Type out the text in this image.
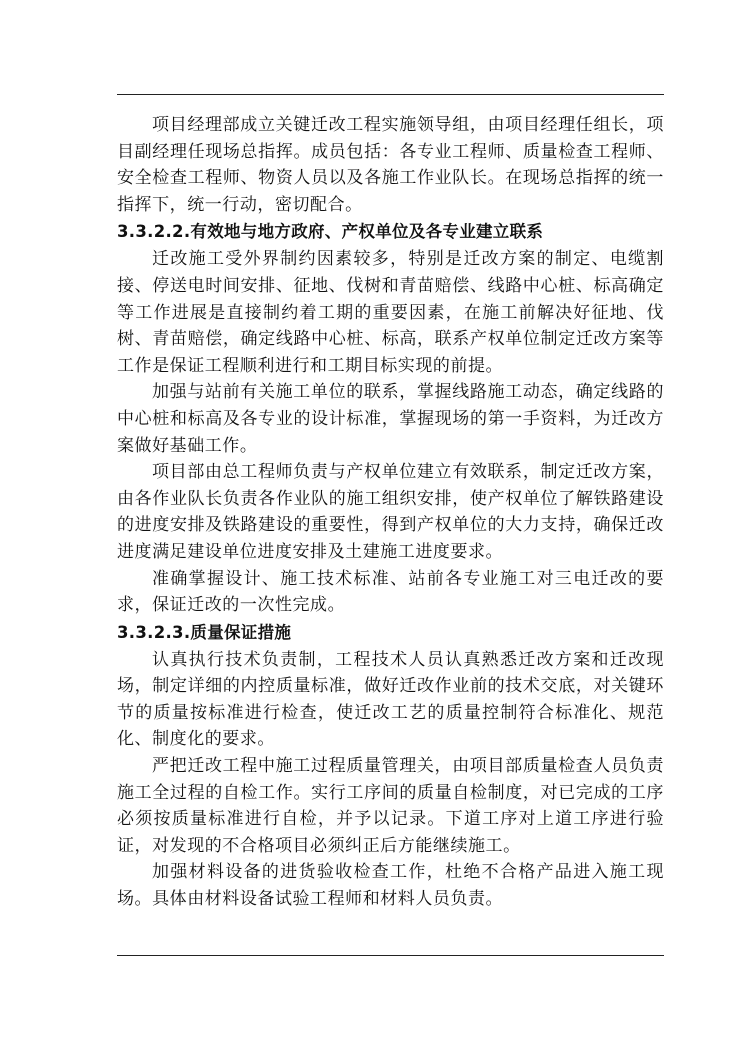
项目经理部成立关键迁改工程实施领导组，由项目经理任组长，项目副经理任现场总指挥。成员包括：各专业工程师、质量检查工程师、安全检查工程师、物资人员以及各施工作业队长。在现场总指挥的统一指挥下，统一行动，密切配合。

3.3.2.2.有效地与地方政府、产权单位及各专业建立联系

迁改施工受外界制约因素较多，特别是迁改方案的制定、电缆割接、停送电时间安排、征地、伐树和青苗赔偿、线路中心桩、标高确定等工作进展是直接制约着工期的重要因素，在施工前解决好征地、伐树、青苗赔偿，确定线路中心桩、标高，联系产权单位制定迁改方案等工作是保证工程顺利进行和工期目标实现的前提。

加强与站前有关施工单位的联系，掌握线路施工动态，确定线路的中心桩和标高及各专业的设计标准，掌握现场的第一手资料，为迁改方案做好基础工作。

项目部由总工程师负责与产权单位建立有效联系，制定迁改方案，由各作业队长负责各作业队的施工组织安排，使产权单位了解铁路建设的进度安排及铁路建设的重要性，得到产权单位的大力支持，确保迁改进度满足建设单位进度安排及土建施工进度要求。

准确掌握设计、施工技术标准、站前各专业施工对三电迁改的要求，保证迁改的一次性完成。

3.3.2.3.质量保证措施

认真执行技术负责制，工程技术人员认真熟悉迁改方案和迁改现场，制定详细的内控质量标准，做好迁改作业前的技术交底，对关键环节的质量按标准进行检查，使迁改工艺的质量控制符合标准化、规范化、制度化的要求。

严把迁改工程中施工过程质量管理关，由项目部质量检查人员负责施工全过程的自检工作。实行工序间的质量自检制度，对已完成的工序必须按质量标准进行自检，并予以记录。下道工序对上道工序进行验证，对发现的不合格项目必须纠正后方能继续施工。

加强材料设备的进货验收检查工作，杜绝不合格产品进入施工现场。具体由材料设备试验工程师和材料人员负责。
